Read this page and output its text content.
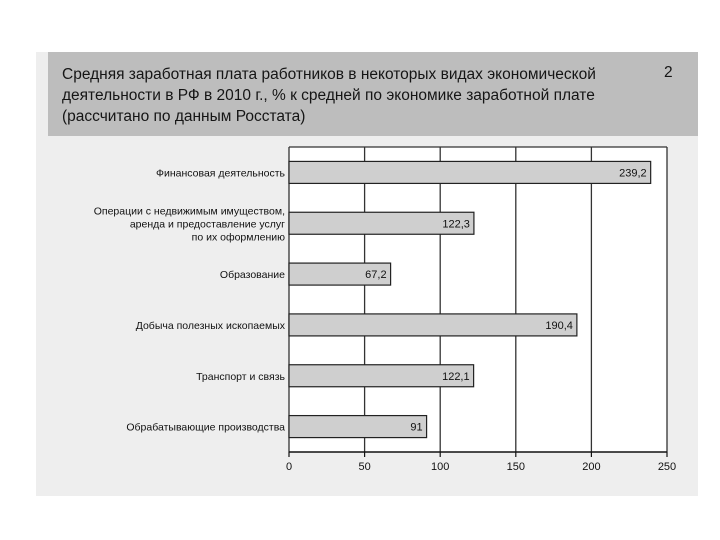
Средняя заработная плата работников в некоторых видах экономической деятельности в РФ в 2010 г., % к средней по экономике заработной плате (рассчитано по данным Росстата)

2
0	50	100	150	200	250
239,2
Финансовая деятельность
122,3
Операции с недвижимым имуществом,
аренда и предоставление услуг
по их оформлению
67,2
Образование
190,4
Добыча полезных ископаемых
122,1
Транспорт и связь
91
Обрабатывающие производства
